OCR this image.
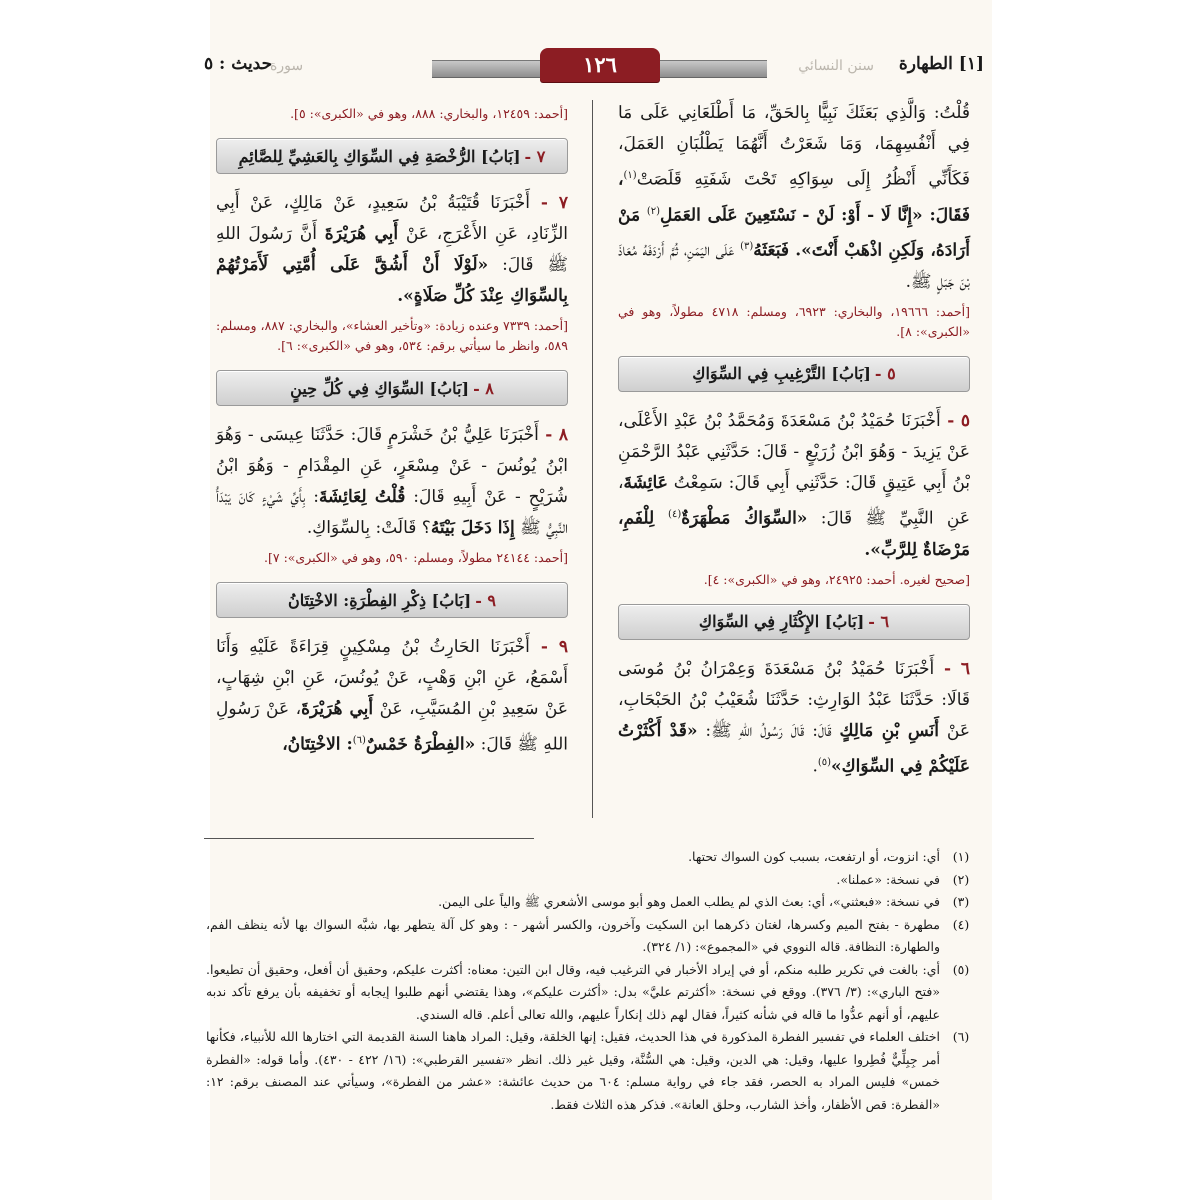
[١] الطهارة
سنن النسائي
١٢٦
سورة
حديث : ٥

قُلْتُ: وَالَّذِي بَعَثَكَ نَبِيًّا بِالحَقِّ، مَا أَطْلَعَانِي عَلَى مَا فِي أَنْفُسِهِمَا، وَمَا شَعَرْتُ أَنَّهُمَا يَطْلُبَانِ العَمَلَ، فَكَأَنِّي أَنْظُرُ إِلَى سِوَاكِهِ تَحْتَ شَفَتِهِ قَلَصَتْ$^{(١)}$، فَقَالَ: «إِنَّا لَا - أَوْ: لَنْ - نَسْتَعِينَ عَلَى العَمَلِ$^{(٢)}$ مَنْ أَرَادَهُ، وَلَكِنِ اذْهَبْ أَنْتَ». فَبَعَثَهُ$^{(٣)}$ عَلَى اليَمَنِ، ثُمَّ أَرْدَفَهُ مُعَاذَ بْنَ جَبَلٍ ﷺ.

[أحمد: ١٩٦٦٦، والبخاري: ٦٩٢٣، ومسلم: ٤٧١٨ مطولاً، وهو في «الكبرى»: ٨].

٥ -
[بَابُ] التَّرْغِيبِ فِي السِّوَاكِ

٥ - أَخْبَرَنَا حُمَيْدُ بْنُ مَسْعَدَةَ وَمُحَمَّدُ بْنُ عَبْدِ الأَعْلَى، عَنْ يَزِيدَ - وَهُوَ ابْنُ زُرَيْعٍ - قَالَ: حَدَّثَنِي عَبْدُ الرَّحْمَنِ بْنُ أَبِي عَتِيقٍ قَالَ: حَدَّثَنِي أَبِي قَالَ: سَمِعْتُ عَائِشَةَ، عَنِ النَّبِيِّ ﷺ قَالَ: «السِّوَاكُ مَطْهَرَةٌ$^{(٤)}$ لِلْفَمِ، مَرْضَاةٌ لِلرَّبِّ».

[صحيح لغيره. أحمد: ٢٤٩٢٥، وهو في «الكبرى»: ٤].

٦ -
[بَابُ] الإِكْثَارِ فِي السِّوَاكِ

٦ - أَخْبَرَنَا حُمَيْدُ بْنُ مَسْعَدَةَ وَعِمْرَانُ بْنُ مُوسَى قَالَا: حَدَّثَنَا عَبْدُ الوَارِثِ: حَدَّثَنَا شُعَيْبُ بْنُ الحَبْحَابِ، عَنْ أَنَسِ بْنِ مَالِكٍ قَالَ: قَالَ رَسُولُ اللهِ ﷺ: «قَدْ أَكْثَرْتُ عَلَيْكُمْ فِي السِّوَاكِ»$^{(٥)}$.

[أحمد: ١٢٤٥٩، والبخاري: ٨٨٨، وهو في «الكبرى»: ٥].

٧ -
[بَابُ] الرُّخْصَةِ فِي السِّوَاكِ بِالعَشِيِّ لِلصَّائِمِ

٧ - أَخْبَرَنَا قُتَيْبَةُ بْنُ سَعِيدٍ، عَنْ مَالِكٍ، عَنْ أَبِي الزِّنَادِ، عَنِ الأَعْرَجِ، عَنْ أَبِي هُرَيْرَةَ أَنَّ رَسُولَ اللهِ ﷺ قَالَ: «لَوْلَا أَنْ أَشُقَّ عَلَى أُمَّتِي لَأَمَرْتُهُمْ بِالسِّوَاكِ عِنْدَ كُلِّ صَلَاةٍ».

[أحمد: ٧٣٣٩ وعنده زيادة: «وتأخير العشاء»، والبخاري: ٨٨٧، ومسلم: ٥٨٩، وانظر ما سيأتي برقم: ٥٣٤، وهو في «الكبرى»: ٦].

٨ -
[بَابُ] السِّوَاكِ فِي كُلِّ حِينٍ

٨ - أَخْبَرَنَا عَلِيُّ بْنُ خَشْرَمٍ قَالَ: حَدَّثَنَا عِيسَى - وَهُوَ ابْنُ يُونُسَ - عَنْ مِسْعَرٍ، عَنِ المِقْدَامِ - وَهُوَ ابْنُ شُرَيْحٍ - عَنْ أَبِيهِ قَالَ: قُلْتُ لِعَائِشَةَ: بِأَيِّ شَيْءٍ كَانَ يَبْدَأُ النَّبِيُّ ﷺ إِذَا دَخَلَ بَيْتَهُ؟ قَالَتْ: بِالسِّوَاكِ.

[أحمد: ٢٤١٤٤ مطولاً، ومسلم: ٥٩٠، وهو في «الكبرى»: ٧].

٩ -
[بَابُ] ذِكْرِ الفِطْرَةِ: الاخْتِتَانُ

٩ - أَخْبَرَنَا الحَارِثُ بْنُ مِسْكِينٍ قِرَاءَةً عَلَيْهِ وَأَنَا أَسْمَعُ، عَنِ ابْنِ وَهْبٍ، عَنْ يُونُسَ، عَنِ ابْنِ شِهَابٍ، عَنْ سَعِيدِ بْنِ المُسَيَّبِ، عَنْ أَبِي هُرَيْرَةَ، عَنْ رَسُولِ اللهِ ﷺ قَالَ: «الفِطْرَةُ خَمْسٌ$^{(٦)}$: الاخْتِتَانُ،

(١)
أي: انزوت، أو ارتفعت، بسبب كون السواك تحتها.
(٢)
في نسخة: «عملنا».
(٣)
في نسخة: «فبعثني»، أي: بعث الذي لم يطلب العمل وهو أبو موسى الأشعري ﷺ والياً على اليمن.
(٤)
مطهرة - بفتح الميم وكسرها، لغتان ذكرهما ابن السكيت وآخرون، والكسر أشهر - : وهو كل آلة يتطهر بها، شبَّه السواك بها لأنه ينظف الفم، والطهارة: النظافة. قاله النووي في «المجموع»: (١/ ٣٢٤).
(٥)
أي: بالغت في تكرير طلبه منكم، أو في إيراد الأخبار في الترغيب فيه، وقال ابن التين: معناه: أكثرت عليكم، وحقيق أن أفعل، وحقيق أن تطيعوا. «فتح الباري»: (٣/ ٣٧٦). ووقع في نسخة: «أكثرتم عليَّ» بدل: «أكثرت عليكم»، وهذا يقتضي أنهم طلبوا إيجابه أو تخفيفه بأن يرفع تأكد ندبه عليهم، أو أنهم عدُّوا ما قاله في شأنه كثيراً، فقال لهم ذلك إنكاراً عليهم، والله تعالى أعلم. قاله السندي.
(٦)
اختلف العلماء في تفسير الفطرة المذكورة في هذا الحديث، فقيل: إنها الخلقة، وقيل: المراد هاهنا السنة القديمة التي اختارها الله للأنبياء، فكأنها أمر جِبِلِّيٌّ فُطِروا عليها، وقيل: هي الدين، وقيل: هي السُّنَّة، وقيل غير ذلك. انظر «تفسير القرطبي»: (١٦/ ٤٢٢ - ٤٣٠). وأما قوله: «الفطرة خمس» فليس المراد به الحصر، فقد جاء في رواية مسلم: ٦٠٤ من حديث عائشة: «عشر من الفطرة»، وسيأتي عند المصنف برقم: ١٢: «الفطرة: قص الأظفار، وأخذ الشارب، وحلق العانة». فذكر هذه الثلاث فقط.
